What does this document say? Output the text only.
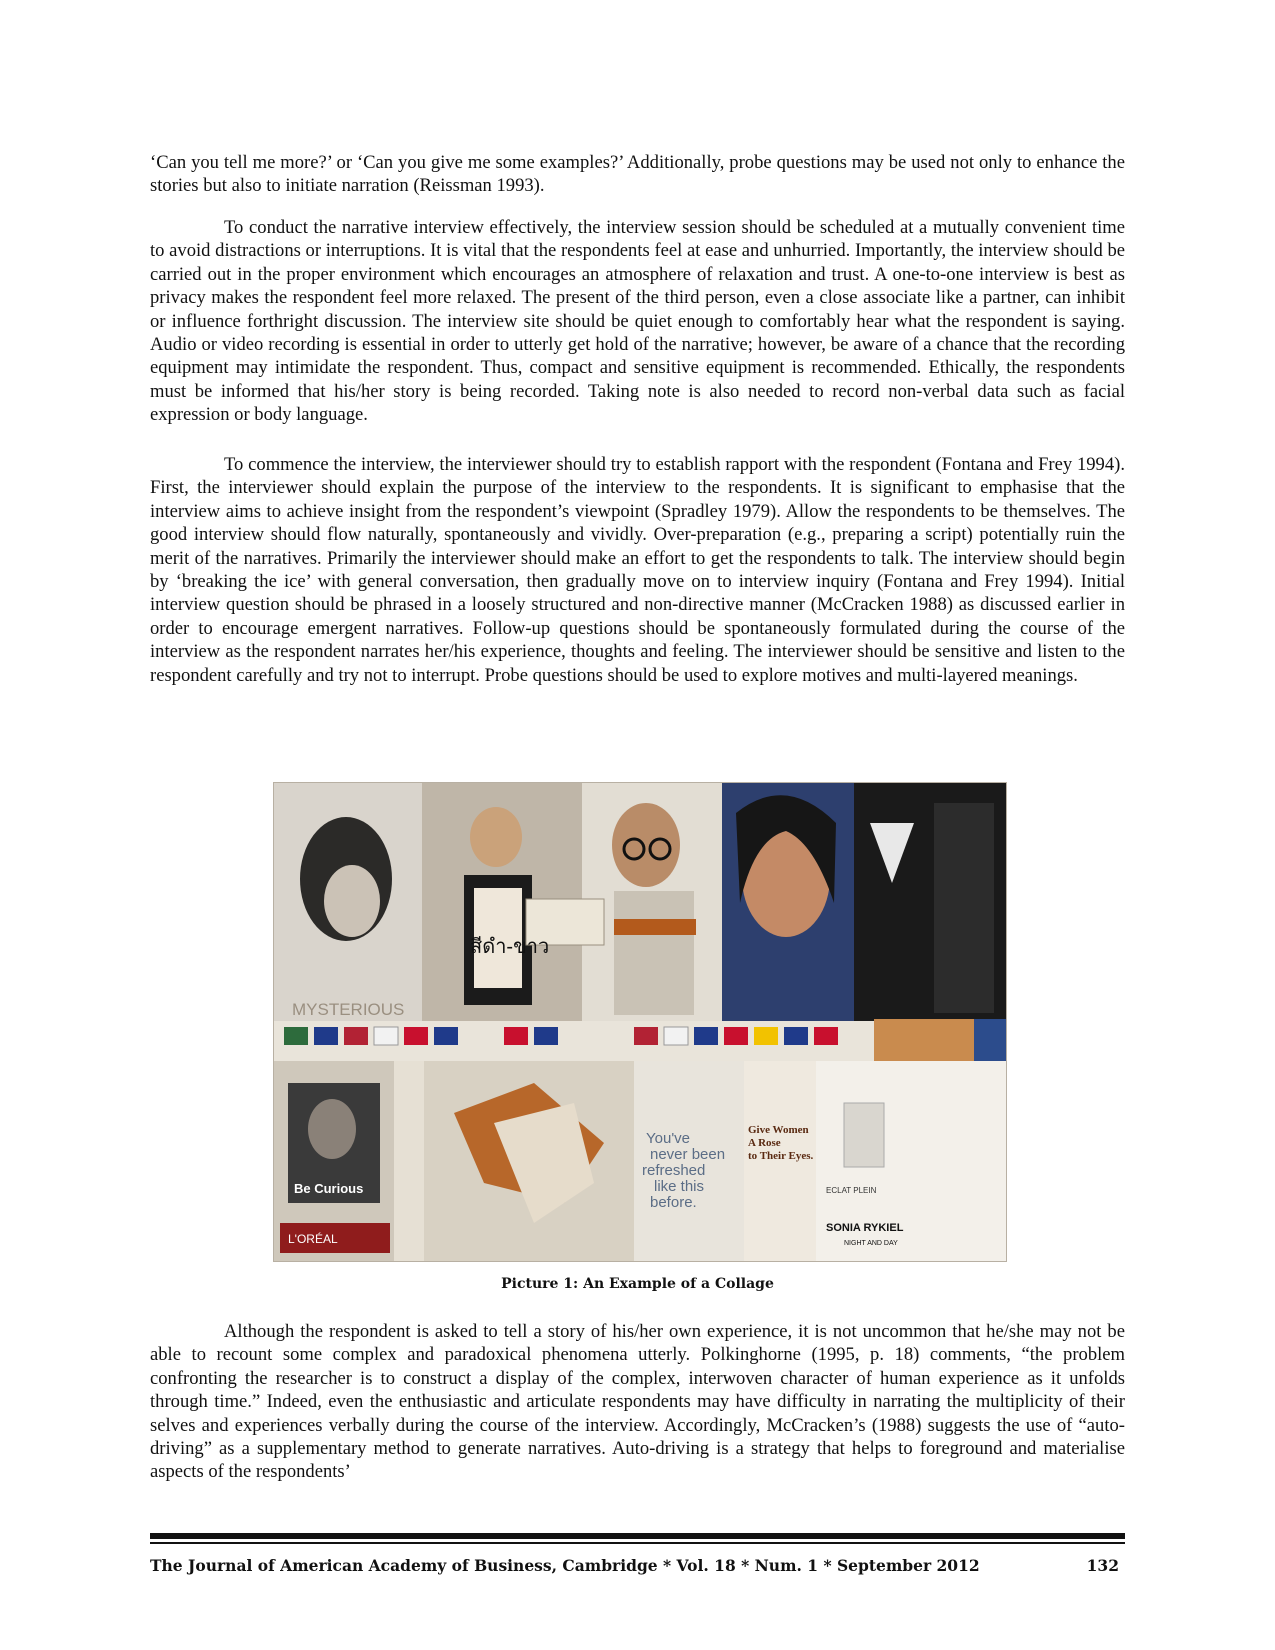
‘Can you tell me more?’ or ‘Can you give me some examples?’ Additionally, probe questions may be used not only to enhance the stories but also to initiate narration (Reissman 1993).

To conduct the narrative interview effectively, the interview session should be scheduled at a mutually convenient time to avoid distractions or interruptions. It is vital that the respondents feel at ease and unhurried. Importantly, the interview should be carried out in the proper environment which encourages an atmosphere of relaxation and trust. A one-to-one interview is best as privacy makes the respondent feel more relaxed. The present of the third person, even a close associate like a partner, can inhibit or influence forthright discussion. The interview site should be quiet enough to comfortably hear what the respondent is saying. Audio or video recording is essential in order to utterly get hold of the narrative; however, be aware of a chance that the recording equipment may intimidate the respondent. Thus, compact and sensitive equipment is recommended. Ethically, the respondents must be informed that his/her story is being recorded. Taking note is also needed to record non-verbal data such as facial expression or body language.

To commence the interview, the interviewer should try to establish rapport with the respondent (Fontana and Frey 1994). First, the interviewer should explain the purpose of the interview to the respondents. It is significant to emphasise that the interview aims to achieve insight from the respondent’s viewpoint (Spradley 1979). Allow the respondents to be themselves. The good interview should flow naturally, spontaneously and vividly. Over-preparation (e.g., preparing a script) potentially ruin the merit of the narratives. Primarily the interviewer should make an effort to get the respondents to talk. The interview should begin by ‘breaking the ice’ with general conversation, then gradually move on to interview inquiry (Fontana and Frey 1994). Initial interview question should be phrased in a loosely structured and non-directive manner (McCracken 1988) as discussed earlier in order to encourage emergent narratives. Follow-up questions should be spontaneously formulated during the course of the interview as the respondent narrates her/his experience, thoughts and feeling. The interviewer should be sensitive and listen to the respondent carefully and try not to interrupt. Probe questions should be used to explore motives and multi-layered meanings.

สีดำ-ขาว
MYSTERIOUS
Be Curious
L'ORÉAL
You've
never been
refreshed
like this
before.
Give Women
A Rose
to Their Eyes.
ECLAT PLEIN
SONIA RYKIEL
NIGHT AND DAY
Picture 1: An Example of a Collage

Although the respondent is asked to tell a story of his/her own experience, it is not uncommon that he/she may not be able to recount some complex and paradoxical phenomena utterly. Polkinghorne (1995, p. 18) comments, “the problem confronting the researcher is to construct a display of the complex, interwoven character of human experience as it unfolds through time.” Indeed, even the enthusiastic and articulate respondents may have difficulty in narrating the multiplicity of their selves and experiences verbally during the course of the interview. Accordingly, McCracken’s (1988) suggests the use of “auto-driving” as a supplementary method to generate narratives. Auto-driving is a strategy that helps to foreground and materialise aspects of the respondents’

The Journal of American Academy of Business, Cambridge * Vol. 18 * Num. 1 * September 2012	132
